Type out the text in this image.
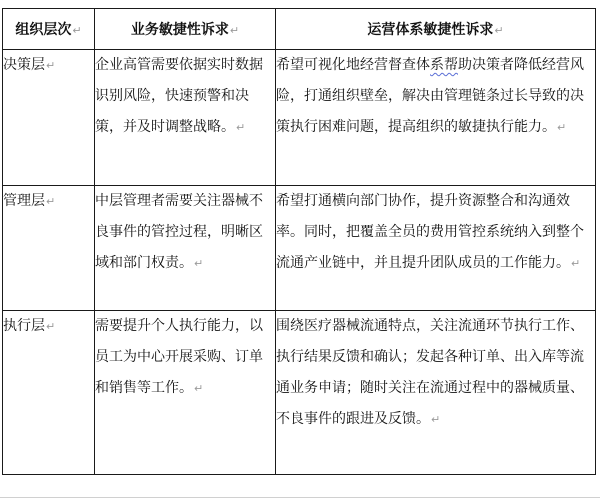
组织层次↵	业务敏捷性诉求↵	运营体系敏捷性诉求↵
决策层↵	企业高管需要依据实时数据识别风险，快速预警和决策，并及时调整战略。↵	希望可视化地经营督查体系帮助决策者降低经营风险，打通组织壁垒，解决由管理链条过长导致的决策执行困难问题，提高组织的敏捷执行能力。↵
管理层↵	中层管理者需要关注器械不良事件的管控过程，明晰区域和部门权责。↵	希望打通横向部门协作，提升资源整合和沟通效率。同时，把覆盖全员的费用管控系统纳入到整个流通产业链中，并且提升团队成员的工作能力。↵
执行层↵	需要提升个人执行能力，以员工为中心开展采购、订单和销售等工作。↵	围绕医疗器械流通特点，关注流通环节执行工作、执行结果反馈和确认；发起各种订单、出入库等流通业务申请；随时关注在流通过程中的器械质量、不良事件的跟进及反馈。↵
